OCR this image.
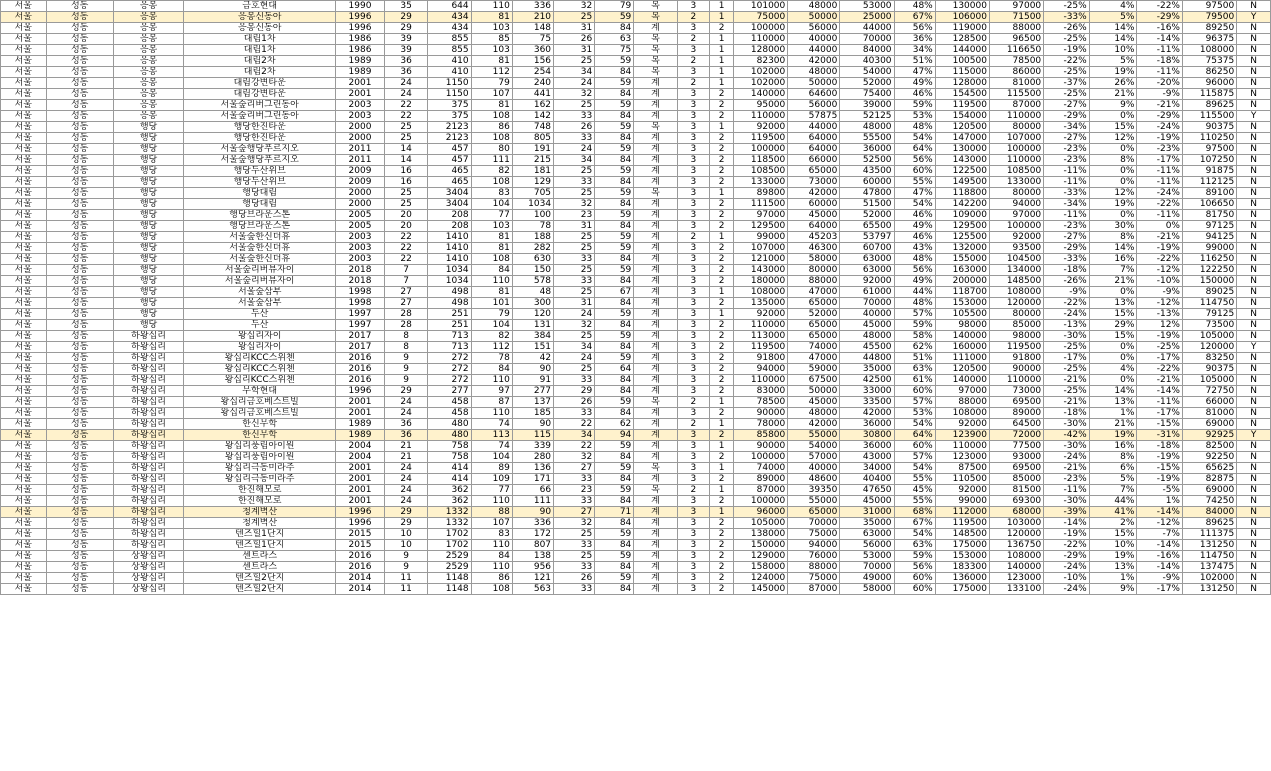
서울	성동	응봉	금호현대	1990	35	644	110	336	32	79	복	3	1	101000	48000	53000	48%	130000	97000	-25%	4%	-22%	97500	N
서울	성동	응봉	응봉신동아	1996	29	434	81	210	25	59	복	2	1	75000	50000	25000	67%	106000	71500	-33%	5%	-29%	79500	Y
서울	성동	응봉	응봉신동아	1996	29	434	103	148	31	84	계	3	2	100000	56000	44000	56%	119000	88000	-26%	14%	-16%	89250	N
서울	성동	응봉	대림1차	1986	39	855	85	75	26	63	복	2	1	110000	40000	70000	36%	128500	96500	-25%	14%	-14%	96375	N
서울	성동	응봉	대림1차	1986	39	855	103	360	31	75	복	3	1	128000	44000	84000	34%	144000	116650	-19%	10%	-11%	108000	N
서울	성동	응봉	대림2차	1989	36	410	81	156	25	59	복	2	1	82300	42000	40300	51%	100500	78500	-22%	5%	-18%	75375	N
서울	성동	응봉	대림2차	1989	36	410	112	254	34	84	복	3	1	102000	48000	54000	47%	115000	86000	-25%	19%	-11%	86250	N
서울	성동	응봉	대림강변타운	2001	24	1150	79	240	24	59	계	2	1	102000	50000	52000	49%	128000	81000	-37%	26%	-20%	96000	N
서울	성동	응봉	대림강변타운	2001	24	1150	107	441	32	84	계	3	2	140000	64600	75400	46%	154500	115500	-25%	21%	-9%	115875	N
서울	성동	응봉	서울숲리버그린동아	2003	22	375	81	162	25	59	계	3	2	95000	56000	39000	59%	119500	87000	-27%	9%	-21%	89625	N
서울	성동	응봉	서울숲리버그린동아	2003	22	375	108	142	33	84	계	3	2	110000	57875	52125	53%	154000	110000	-29%	0%	-29%	115500	Y
서울	성동	행당	행당한진타운	2000	25	2123	86	748	26	59	복	3	1	92000	44000	48000	48%	120500	80000	-34%	15%	-24%	90375	N
서울	성동	행당	행당한진타운	2000	25	2123	108	805	33	84	계	3	2	119500	64000	55500	54%	147000	107000	-27%	12%	-19%	110250	N
서울	성동	행당	서울숲행당푸르지오	2011	14	457	80	191	24	59	계	3	2	100000	64000	36000	64%	130000	100000	-23%	0%	-23%	97500	N
서울	성동	행당	서울숲행당푸르지오	2011	14	457	111	215	34	84	계	3	2	118500	66000	52500	56%	143000	110000	-23%	8%	-17%	107250	N
서울	성동	행당	행당두산위브	2009	16	465	82	181	25	59	계	3	2	108500	65000	43500	60%	122500	108500	-11%	0%	-11%	91875	N
서울	성동	행당	행당두산위브	2009	16	465	108	129	33	84	계	3	2	133000	73000	60000	55%	149500	133000	-11%	0%	-11%	112125	N
서울	성동	행당	행당대림	2000	25	3404	83	705	25	59	복	3	1	89800	42000	47800	47%	118800	80000	-33%	12%	-24%	89100	N
서울	성동	행당	행당대림	2000	25	3404	104	1034	32	84	계	3	2	111500	60000	51500	54%	142200	94000	-34%	19%	-22%	106650	N
서울	성동	행당	행당브라운스톤	2005	20	208	77	100	23	59	계	3	2	97000	45000	52000	46%	109000	97000	-11%	0%	-11%	81750	N
서울	성동	행당	행당브라운스톤	2005	20	208	103	78	31	84	계	3	2	129500	64000	65500	49%	129500	100000	-23%	30%	0%	97125	N
서울	성동	행당	서울숲한신더휴	2003	22	1410	81	188	25	59	계	2	1	99000	45203	53797	46%	125500	92000	-27%	8%	-21%	94125	N
서울	성동	행당	서울숲한신더휴	2003	22	1410	81	282	25	59	계	3	2	107000	46300	60700	43%	132000	93500	-29%	14%	-19%	99000	N
서울	성동	행당	서울숲한신더휴	2003	22	1410	108	630	33	84	계	3	2	121000	58000	63000	48%	155000	104500	-33%	16%	-22%	116250	N
서울	성동	행당	서울숲리버뷰자이	2018	7	1034	84	150	25	59	계	3	2	143000	80000	63000	56%	163000	134000	-18%	7%	-12%	122250	N
서울	성동	행당	서울숲리버뷰자이	2018	7	1034	110	578	33	84	계	3	2	180000	88000	92000	49%	200000	148500	-26%	21%	-10%	150000	N
서울	성동	행당	서울숲삼부	1998	27	498	81	48	25	67	계	3	1	108000	47000	61000	44%	118700	108000	-9%	0%	-9%	89025	N
서울	성동	행당	서울숲삼부	1998	27	498	101	300	31	84	계	3	2	135000	65000	70000	48%	153000	120000	-22%	13%	-12%	114750	N
서울	성동	행당	두산	1997	28	251	79	120	24	59	계	3	1	92000	52000	40000	57%	105500	80000	-24%	15%	-13%	79125	N
서울	성동	행당	두산	1997	28	251	104	131	32	84	계	3	2	110000	65000	45000	59%	98000	85000	-13%	29%	12%	73500	N
서울	성동	하왕십리	왕십리자이	2017	8	713	82	384	25	59	계	3	2	113000	65000	48000	58%	140000	98000	-30%	15%	-19%	105000	N
서울	성동	하왕십리	왕십리자이	2017	8	713	112	151	34	84	계	3	2	119500	74000	45500	62%	160000	119500	-25%	0%	-25%	120000	Y
서울	성동	하왕십리	왕십리KCC스위첸	2016	9	272	78	42	24	59	계	3	2	91800	47000	44800	51%	111000	91800	-17%	0%	-17%	83250	N
서울	성동	하왕십리	왕십리KCC스위첸	2016	9	272	84	90	25	64	계	3	2	94000	59000	35000	63%	120500	90000	-25%	4%	-22%	90375	N
서울	성동	하왕십리	왕십리KCC스위첸	2016	9	272	110	91	33	84	계	3	2	110000	67500	42500	61%	140000	110000	-21%	0%	-21%	105000	N
서울	성동	하왕십리	무학현대	1996	29	277	97	277	29	84	계	3	2	83000	50000	33000	60%	97000	73000	-25%	14%	-14%	72750	N
서울	성동	하왕십리	왕십리금호베스트빌	2001	24	458	87	137	26	59	복	2	1	78500	45000	33500	57%	88000	69500	-21%	13%	-11%	66000	N
서울	성동	하왕십리	왕십리금호베스트빌	2001	24	458	110	185	33	84	계	3	2	90000	48000	42000	53%	108000	89000	-18%	1%	-17%	81000	N
서울	성동	하왕십리	한신무학	1989	36	480	74	90	22	62	계	2	1	78000	42000	36000	54%	92000	64500	-30%	21%	-15%	69000	N
서울	성동	하왕십리	한신무학	1989	36	480	113	115	34	94	계	3	2	85800	55000	30800	64%	123900	72000	-42%	19%	-31%	92925	Y
서울	성동	하왕십리	왕십리풍림아이원	2004	21	758	74	339	22	59	계	3	1	90000	54000	36000	60%	110000	77500	-30%	16%	-18%	82500	N
서울	성동	하왕십리	왕십리풍림아이원	2004	21	758	104	280	32	84	계	3	2	100000	57000	43000	57%	123000	93000	-24%	8%	-19%	92250	N
서울	성동	하왕십리	왕십리극동미라주	2001	24	414	89	136	27	59	복	3	1	74000	40000	34000	54%	87500	69500	-21%	6%	-15%	65625	N
서울	성동	하왕십리	왕십리극동미라주	2001	24	414	109	171	33	84	계	3	2	89000	48600	40400	55%	110500	85000	-23%	5%	-19%	82875	N
서울	성동	하왕십리	한진해모로	2001	24	362	77	66	23	59	복	2	1	87000	39350	47650	45%	92000	81500	-11%	7%	-5%	69000	N
서울	성동	하왕십리	한진해모로	2001	24	362	110	111	33	84	계	3	2	100000	55000	45000	55%	99000	69300	-30%	44%	1%	74250	N
서울	성동	하왕십리	청계벽산	1996	29	1332	88	90	27	71	계	3	1	96000	65000	31000	68%	112000	68000	-39%	41%	-14%	84000	N
서울	성동	하왕십리	청계벽산	1996	29	1332	107	336	32	84	계	3	2	105000	70000	35000	67%	119500	103000	-14%	2%	-12%	89625	N
서울	성동	하왕십리	텐즈힐1단지	2015	10	1702	83	172	25	59	계	3	2	138000	75000	63000	54%	148500	120000	-19%	15%	-7%	111375	N
서울	성동	하왕십리	텐즈힐1단지	2015	10	1702	110	807	33	84	계	3	2	150000	94000	56000	63%	175000	136750	-22%	10%	-14%	131250	N
서울	성동	상왕십리	센트라스	2016	9	2529	84	138	25	59	계	3	2	129000	76000	53000	59%	153000	108000	-29%	19%	-16%	114750	N
서울	성동	상왕십리	센트라스	2016	9	2529	110	956	33	84	계	3	2	158000	88000	70000	56%	183300	140000	-24%	13%	-14%	137475	N
서울	성동	상왕십리	텐즈힐2단지	2014	11	1148	86	121	26	59	계	3	2	124000	75000	49000	60%	136000	123000	-10%	1%	-9%	102000	N
서울	성동	상왕십리	텐즈힐2단지	2014	11	1148	108	563	33	84	계	3	2	145000	87000	58000	60%	175000	133100	-24%	9%	-17%	131250	N
